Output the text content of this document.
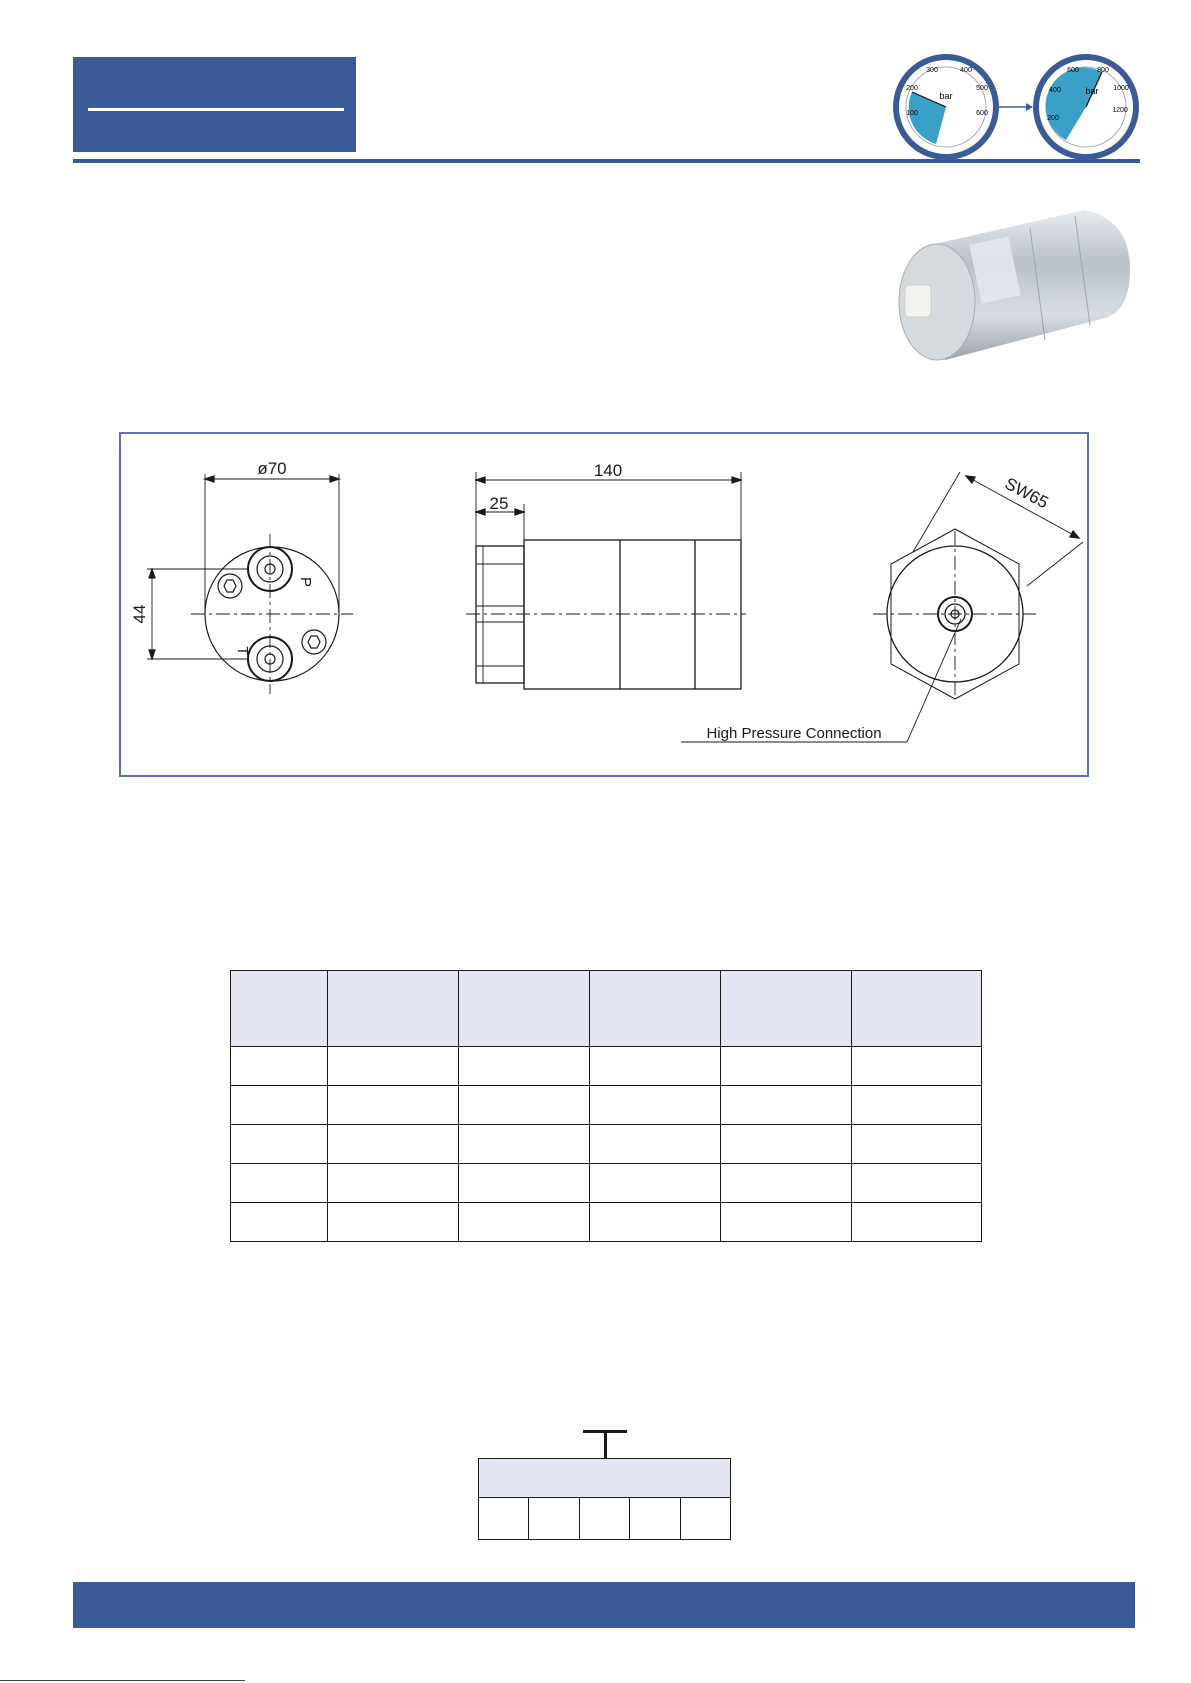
bar
100
200
300	400
500
600
bar
200
400
600	800
1000
1200
ø70
44
P
T
140
25	SW65
High Pressure Connection
